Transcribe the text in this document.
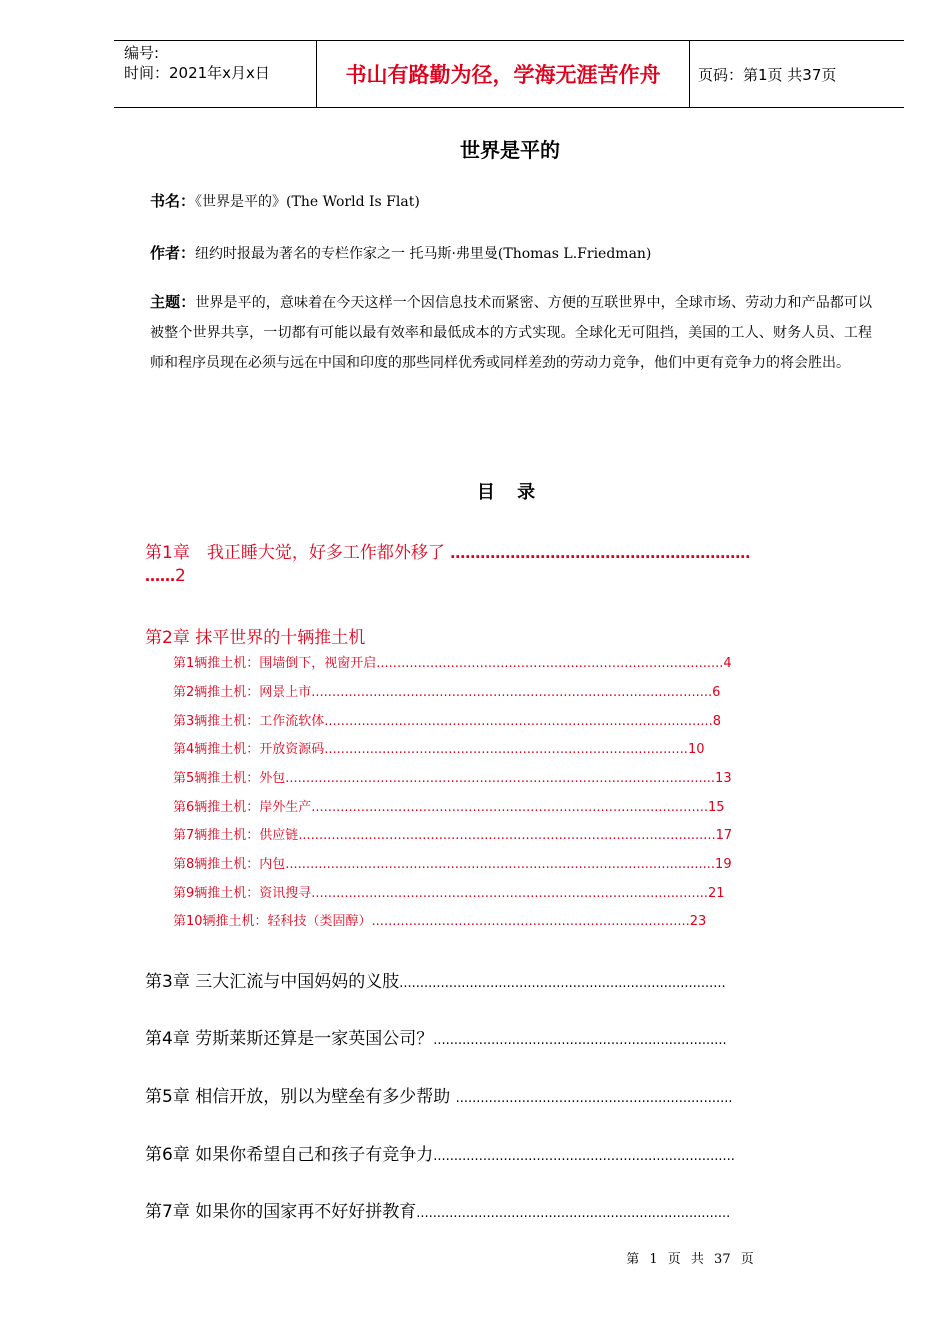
编号:
时间：2021年x月x日	书山有路勤为径，学海无涯苦作舟	页码：第1页 共37页
世界是平的
书名：《世界是平的》(The World Is Flat)
作者：纽约时报最为著名的专栏作家之一 托马斯·弗里曼(Thomas L.Friedman)
主题：世界是平的，意味着在今天这样一个因信息技术而紧密、方便的互联世界中，全球市场、劳动力和产品都可以被整个世界共享，一切都有可能以最有效率和最低成本的方式实现。全球化无可阻挡，美国的工人、财务人员、工程师和程序员现在必须与远在中国和印度的那些同样优秀或同样差劲的劳动力竞争，他们中更有竞争力的将会胜出。
目 录
第1章　我正睡大觉，好多工作都外移了 ……………………………………………………
……2
第2章 抹平世界的十辆推土机
第1辆推土机：围墙倒下，视窗开启....................................................................................4
第2辆推土机：网景上市.................................................................................................6
第3辆推土机：工作流软体..............................................................................................8
第4辆推土机：开放资源码........................................................................................10
第5辆推土机：外包........................................................................................................13
第6辆推土机：岸外生产................................................................................................15
第7辆推土机：供应链.....................................................................................................17
第8辆推土机：内包........................................................................................................19
第9辆推土机：资讯搜寻................................................................................................21
第10辆推土机：轻科技（类固醇）.............................................................................23
第3章 三大汇流与中国妈妈的义肢...............................................................................
第4章 劳斯莱斯还算是一家英国公司？.......................................................................
第5章 相信开放，别以为壁垒有多少帮助 ...................................................................
第6章 如果你希望自己和孩子有竞争力.........................................................................
第7章 如果你的国家再不好好拼教育............................................................................
第 1 页 共 37 页
